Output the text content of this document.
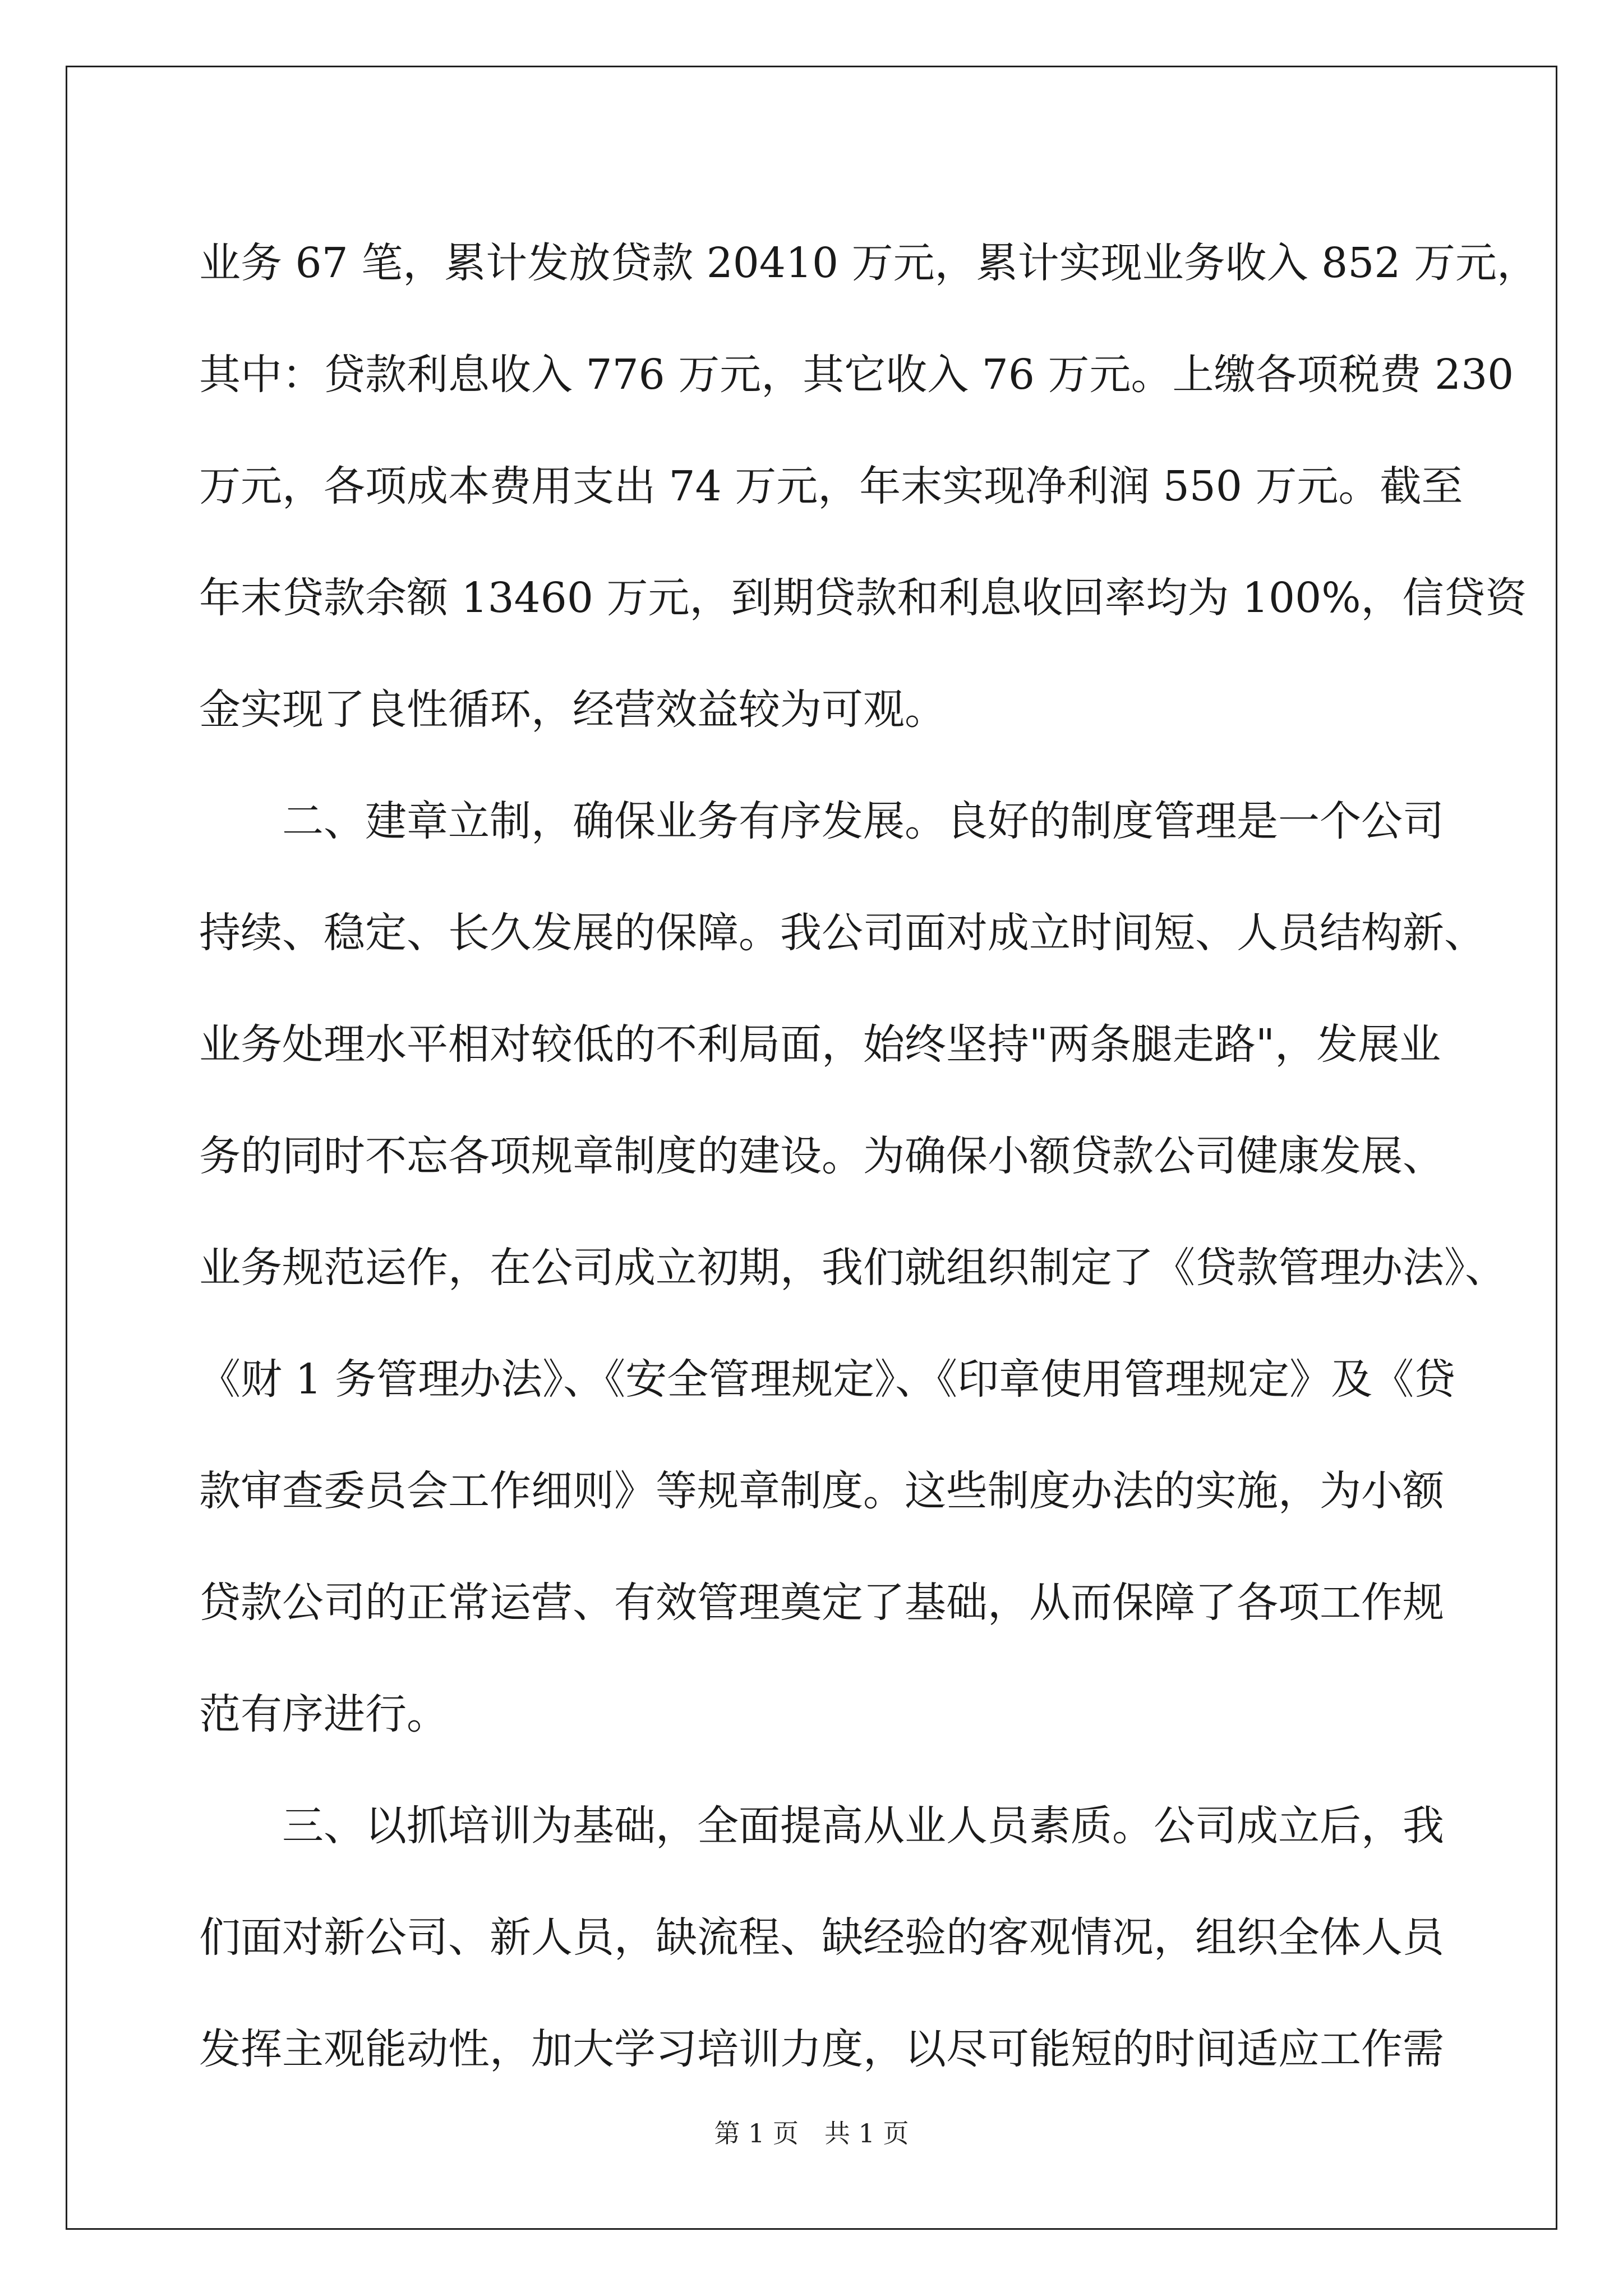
业务 67 笔，累计发放贷款 20410 万元，累计实现业务收入 852 万元，
其中：贷款利息收入 776 万元，其它收入 76 万元。上缴各项税费 230
万元，各项成本费用支出 74 万元，年末实现净利润 550 万元。截至
年末贷款余额 13460 万元，到期贷款和利息收回率均为 100%，信贷资
金实现了良性循环，经营效益较为可观。
二、建章立制，确保业务有序发展。良好的制度管理是一个公司
持续、稳定、长久发展的保障。我公司面对成立时间短、人员结构新、
业务处理水平相对较低的不利局面，始终坚持"两条腿走路"，发展业
务的同时不忘各项规章制度的建设。为确保小额贷款公司健康发展、
业务规范运作，在公司成立初期，我们就组织制定了《贷款管理办法》、
《财 1 务管理办法》、《安全管理规定》、《印章使用管理规定》及《贷
款审查委员会工作细则》等规章制度。这些制度办法的实施，为小额
贷款公司的正常运营、有效管理奠定了基础，从而保障了各项工作规
范有序进行。
三、以抓培训为基础，全面提高从业人员素质。公司成立后，我
们面对新公司、新人员，缺流程、缺经验的客观情况，组织全体人员
发挥主观能动性，加大学习培训力度，以尽可能短的时间适应工作需
第 1 页 共 1 页
